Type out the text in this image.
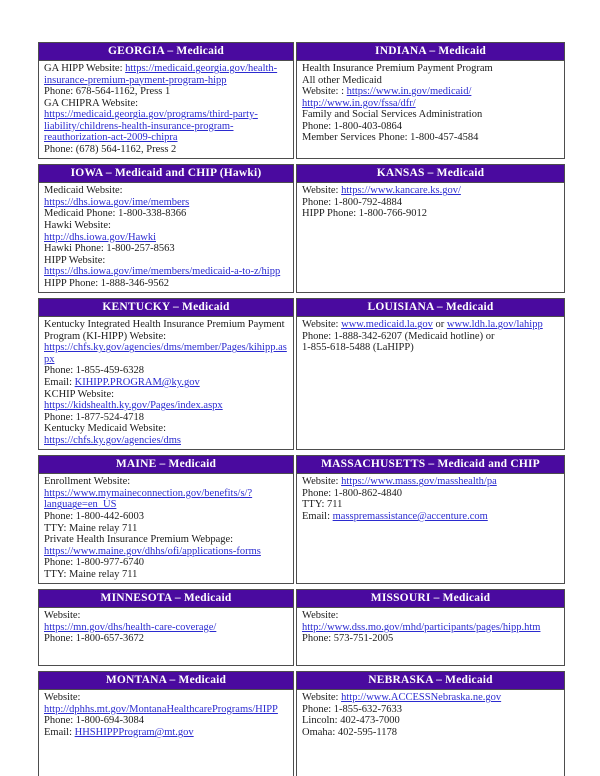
GEORGIA – Medicaid
GA HIPP Website: https://medicaid.georgia.gov/health-insurance-premium-payment-program-hipp
Phone: 678-564-1162, Press 1
GA CHIPRA Website:
https://medicaid.georgia.gov/programs/third-party-liability/childrens-health-insurance-program-reauthorization-act-2009-chipra
Phone: (678) 564-1162, Press 2
INDIANA – Medicaid
Health Insurance Premium Payment Program
All other Medicaid
Website: : https://www.in.gov/medicaid/
http://www.in.gov/fssa/dfr/
Family and Social Services Administration
Phone: 1-800-403-0864
Member Services Phone: 1-800-457-4584
IOWA – Medicaid and CHIP (Hawki)
Medicaid Website:
https://dhs.iowa.gov/ime/members
Medicaid Phone: 1-800-338-8366
Hawki Website:
http://dhs.iowa.gov/Hawki
Hawki Phone: 1-800-257-8563
HIPP Website: https://dhs.iowa.gov/ime/members/medicaid-a-to-z/hipp
HIPP Phone: 1-888-346-9562
KANSAS – Medicaid
Website: https://www.kancare.ks.gov/
Phone: 1-800-792-4884
HIPP Phone: 1-800-766-9012
KENTUCKY – Medicaid
Kentucky Integrated Health Insurance Premium Payment Program (KI-HIPP) Website:
https://chfs.ky.gov/agencies/dms/member/Pages/kihipp.aspx
Phone: 1-855-459-6328
Email: KIHIPP.PROGRAM@ky.gov
KCHIP Website: https://kidshealth.ky.gov/Pages/index.aspx
Phone: 1-877-524-4718
Kentucky Medicaid Website:
https://chfs.ky.gov/agencies/dms
LOUISIANA – Medicaid
Website: www.medicaid.la.gov or www.ldh.la.gov/lahipp
Phone: 1-888-342-6207 (Medicaid hotline) or
1-855-618-5488 (LaHIPP)
MAINE – Medicaid
Enrollment Website:
https://www.mymaineconnection.gov/benefits/s/?language=en_US
Phone: 1-800-442-6003
TTY: Maine relay 711
Private Health Insurance Premium Webpage:
https://www.maine.gov/dhhs/ofi/applications-forms
Phone: 1-800-977-6740
TTY: Maine relay 711
MASSACHUSETTS – Medicaid and CHIP
Website: https://www.mass.gov/masshealth/pa
Phone: 1-800-862-4840
TTY: 711
Email: masspremassistance@accenture.com
MINNESOTA – Medicaid
Website:
https://mn.gov/dhs/health-care-coverage/
Phone: 1-800-657-3672
MISSOURI – Medicaid
Website:
http://www.dss.mo.gov/mhd/participants/pages/hipp.htm
Phone: 573-751-2005
MONTANA – Medicaid
Website:
http://dphhs.mt.gov/MontanaHealthcarePrograms/HIPP
Phone: 1-800-694-3084
Email: HHSHIPPProgram@mt.gov
NEBRASKA – Medicaid
Website: http://www.ACCESSNebraska.ne.gov
Phone: 1-855-632-7633
Lincoln: 402-473-7000
Omaha: 402-595-1178
